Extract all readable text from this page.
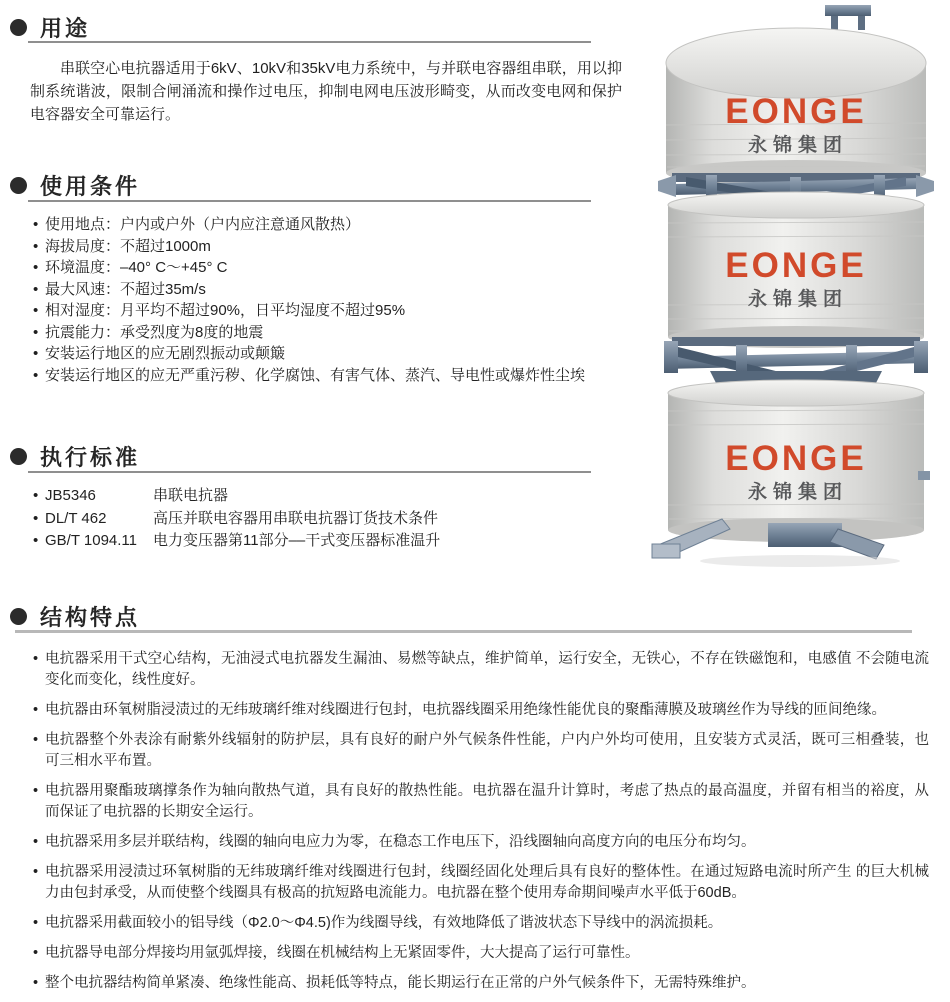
用途

串联空心电抗器适用于6kV、10kV和35kV电力系统中，与并联电容器组串联，用以抑制系统谐波，限制合闸涌流和操作过电压，抑制电网电压波形畸变，从而改变电网和保护电容器安全可靠运行。

使用条件
• 使用地点：户内或户外（户内应注意通风散热）
• 海拔局度：不超过1000m
• 环境温度：–40° C～+45° C
• 最大风速：不超过35m/s
• 相对湿度：月平均不超过90%，日平均湿度不超过95%
• 抗震能力：承受烈度为8度的地震
• 安装运行地区的应无剧烈振动或颠簸
• 安装运行地区的应无严重污秽、化学腐蚀、有害气体、蒸汽、导电性或爆炸性尘埃
执行标准
• JB5346	串联电抗器
• DL/T 462	高压并联电容器用串联电抗器订货技术条件
• GB/T 1094.11	电力变压器第11部分––干式变压器标准温升
结构特点
• 电抗器采用干式空心结构，无油浸式电抗器发生漏油、易燃等缺点，维护简单，运行安全，无铁心，不存在铁磁饱和，电感值 不会随电流变化而变化，线性度好。
• 电抗器由环氧树脂浸渍过的无纬玻璃纤维对线圈进行包封，电抗器线圈采用绝缘性能优良的聚酯薄膜及玻璃丝作为导线的匝间绝缘。
• 电抗器整个外表涂有耐紫外线辐射的防护层，具有良好的耐户外气候条件性能，户内户外均可使用，且安装方式灵活，既可三相叠装，也可三相水平布置。
• 电抗器用聚酯玻璃撑条作为轴向散热气道，具有良好的散热性能。电抗器在温升计算时，考虑了热点的最高温度，并留有相当的裕度，从而保证了电抗器的长期安全运行。
• 电抗器采用多层并联结构，线圈的轴向电应力为零，在稳态工作电压下，沿线圈轴向高度方向的电压分布均匀。
• 电抗器采用浸渍过环氧树脂的无纬玻璃纤维对线圈进行包封，线圈经固化处理后具有良好的整体性。在通过短路电流时所产生 的巨大机械力由包封承受，从而使整个线圈具有极高的抗短路电流能力。电抗器在整个使用寿命期间噪声水平低于60dB。
• 电抗器采用截面较小的铝导线（Φ2.0～Φ4.5)作为线圈导线，有效地降低了谐波状态下导线中的涡流损耗。
• 电抗器导电部分焊接均用氩弧焊接，线圈在机械结构上无紧固零件，大大提高了运行可靠性。
• 整个电抗器结构简单紧凑、绝缘性能高、损耗低等特点，能长期运行在正常的户外气候条件下，无需特殊维护。
EONGE
永锦集团
EONGE
永锦集团
EONGE
永锦集团
